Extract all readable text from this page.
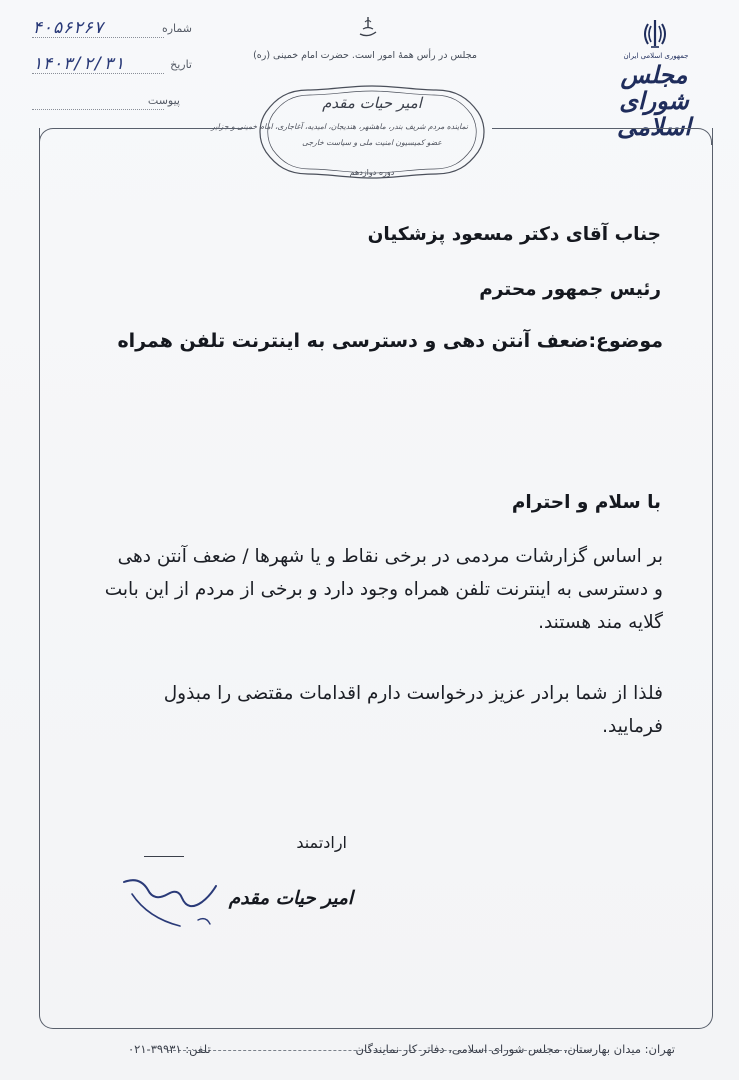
۴۰۵۶۲۶۷	شماره
۱۴۰۳/۲/۳۱	تاریخ
پیوست
مجلس در رأس همهٔ امور است. حضرت امام خمینی (ره)
امیر حیات مقدم
نماینده مردم شریف بندر، ماهشهر، هندیجان، امیدیه، آغاجاری، امام خمینی و جزایر
عضو کمیسیون امنیت ملی و سیاست خارجی
دوره دوازدهم
جمهوری اسلامی ایران
مجلس شورای اسلامی
جناب آقای دکتر مسعود پزشکیان
رئیس جمهور محترم
موضوع:ضعف آنتن دهی و دسترسی به اینترنت تلفن همراه
با سلام و احترام
بر اساس گزارشات مردمی در برخی نقاط و یا شهرها / ضعف آنتن دهی و دسترسی به اینترنت تلفن همراه وجود دارد و برخی از مردم از این بابت گلایه مند هستند.
فلذا از شما برادر عزیز درخواست دارم اقدامات مقتضی را مبذول فرمایید.
ارادتمند
امیر حیات مقدم
تهران: میدان بهارستان، مجلس شورای اسلامی، دفاتر کار نمایندگان
تلفن: ۳۹۹۳۱-۰۲۱
